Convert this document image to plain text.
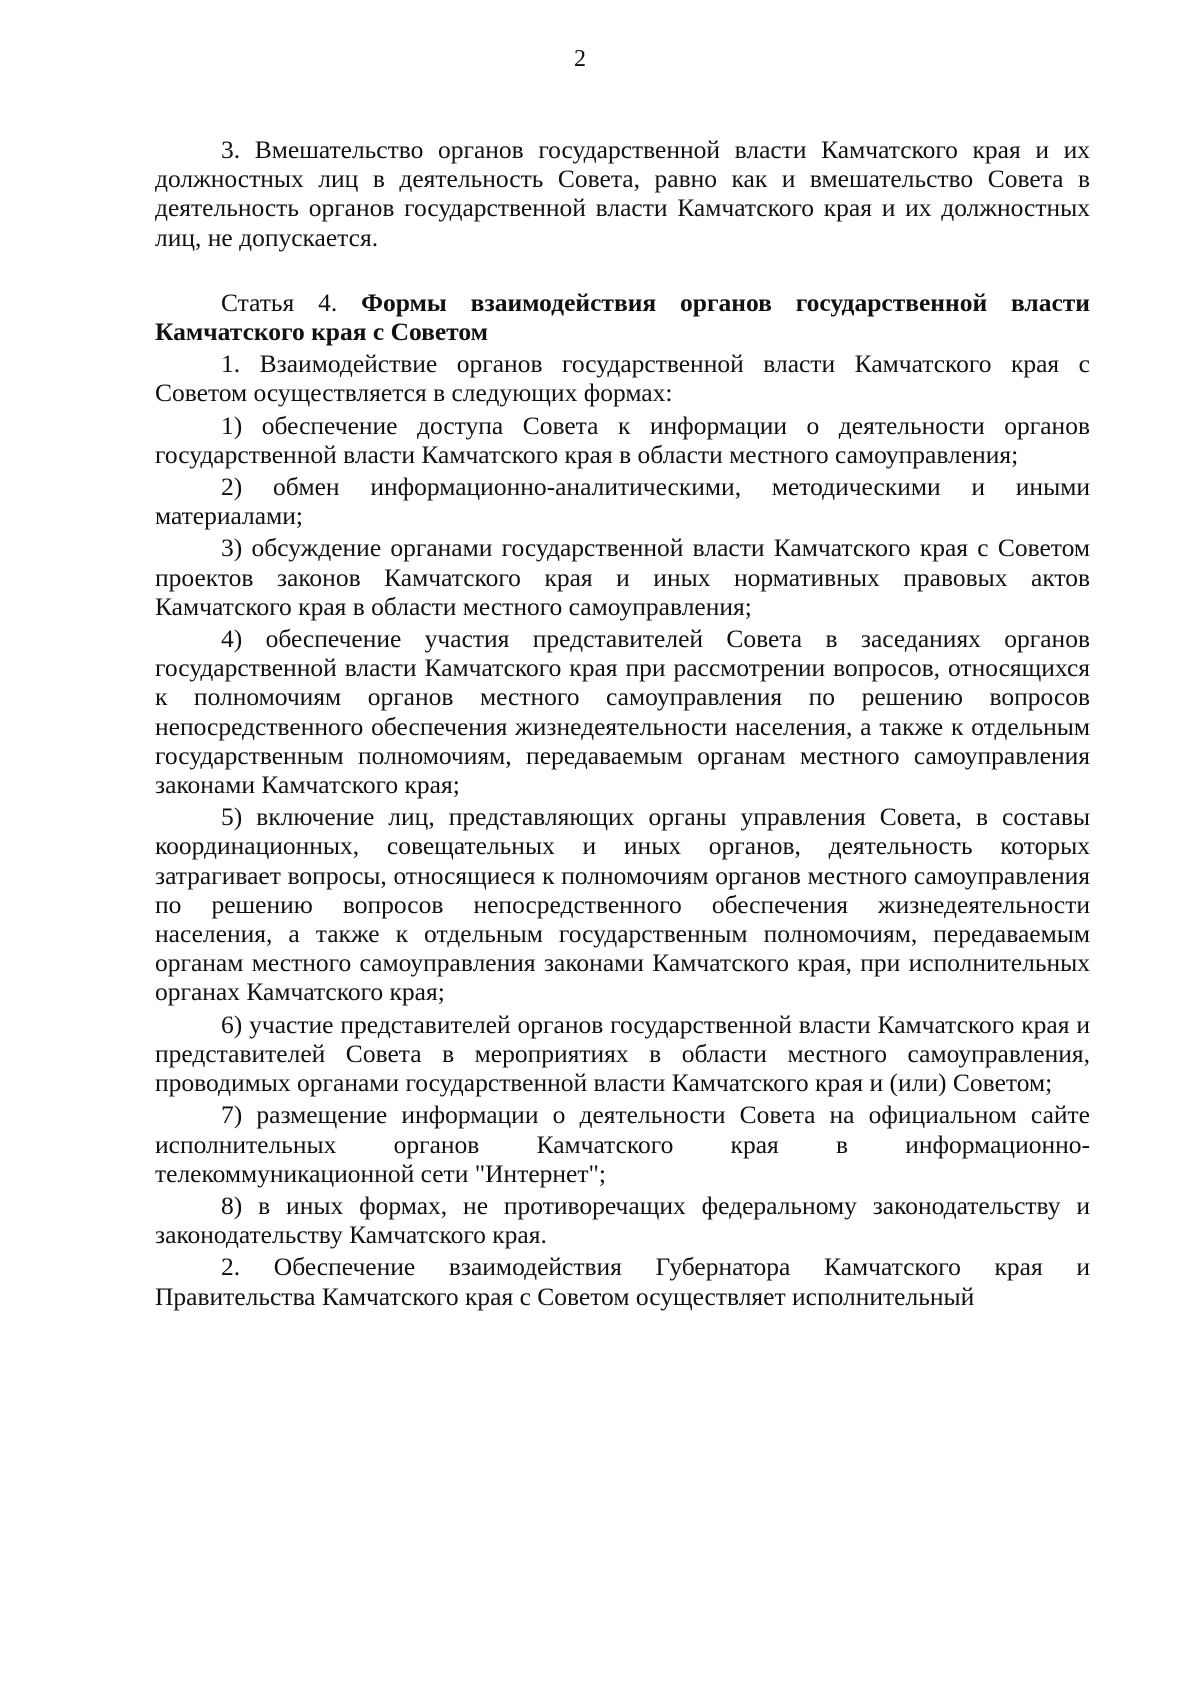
2

3. Вмешательство органов государственной власти Камчатского края и их должностных лиц в деятельность Совета, равно как и вмешательство Совета в деятельность органов государственной власти Камчатского края и их должностных лиц, не допускается.

Статья 4. Формы взаимодействия органов государственной власти Камчатского края с Советом

1. Взаимодействие органов государственной власти Камчатского края с Советом осуществляется в следующих формах:

1) обеспечение доступа Совета к информации о деятельности органов государственной власти Камчатского края в области местного самоуправления;

2) обмен информационно-аналитическими, методическими и иными материалами;

3) обсуждение органами государственной власти Камчатского края с Советом проектов законов Камчатского края и иных нормативных правовых актов Камчатского края в области местного самоуправления;

4) обеспечение участия представителей Совета в заседаниях органов государственной власти Камчатского края при рассмотрении вопросов, относящихся к полномочиям органов местного самоуправления по решению вопросов непосредственного обеспечения жизнедеятельности населения, а также к отдельным государственным полномочиям, передаваемым органам местного самоуправления законами Камчатского края;

5) включение лиц, представляющих органы управления Совета, в составы координационных, совещательных и иных органов, деятельность которых затрагивает вопросы, относящиеся к полномочиям органов местного самоуправления по решению вопросов непосредственного обеспечения жизнедеятельности населения, а также к отдельным государственным полномочиям, передаваемым органам местного самоуправления законами Камчатского края, при исполнительных органах Камчатского края;

6) участие представителей органов государственной власти Камчатского края и представителей Совета в мероприятиях в области местного самоуправления, проводимых органами государственной власти Камчатского края и (или) Советом;

7) размещение информации о деятельности Совета на официальном сайте исполнительных органов Камчатского края в информационно-телекоммуникационной сети "Интернет";

8) в иных формах, не противоречащих федеральному законодательству и законодательству Камчатского края.

2. Обеспечение взаимодействия Губернатора Камчатского края и Правительства Камчатского края с Советом осуществляет исполнительный
